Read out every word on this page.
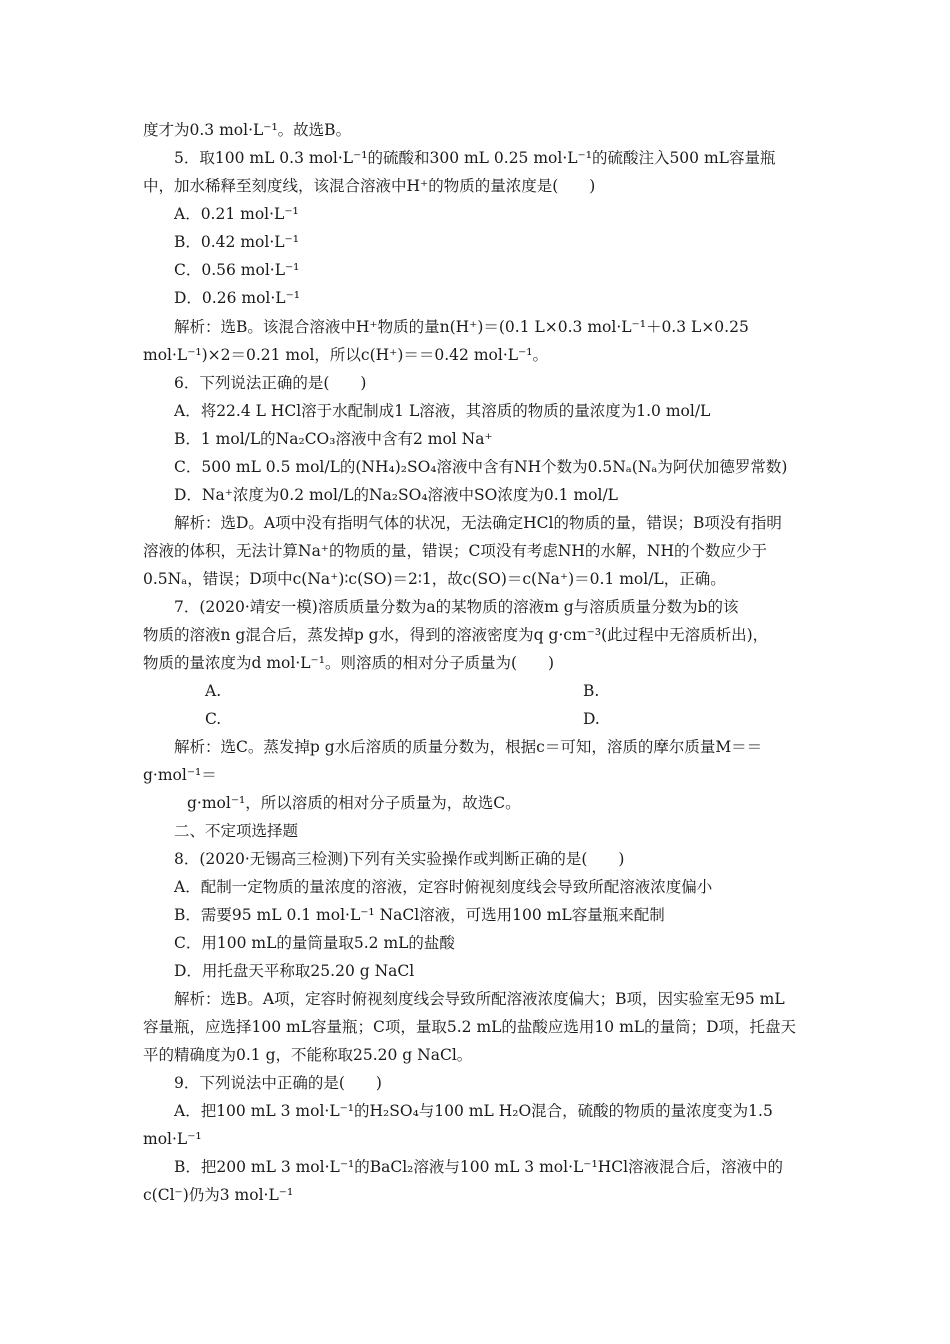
度才为0.3 mol·L⁻¹。故选B。
5．取100 mL 0.3 mol·L⁻¹的硫酸和300 mL 0.25 mol·L⁻¹的硫酸注入500 mL容量瓶
中，加水稀释至刻度线，该混合溶液中H⁺的物质的量浓度是(　　)
A．0.21 mol·L⁻¹
B．0.42 mol·L⁻¹
C．0.56 mol·L⁻¹
D．0.26 mol·L⁻¹
解析：选B。该混合溶液中H⁺物质的量n(H⁺)＝(0.1 L×0.3 mol·L⁻¹＋0.3 L×0.25
mol·L⁻¹)×2＝0.21 mol，所以c(H⁺)＝＝0.42 mol·L⁻¹。
6．下列说法正确的是(　　)
A．将22.4 L HCl溶于水配制成1 L溶液，其溶质的物质的量浓度为1.0 mol/L
B．1 mol/L的Na₂CO₃溶液中含有2 mol Na⁺
C．500 mL 0.5 mol/L的(NH₄)₂SO₄溶液中含有NH个数为0.5Nₐ(Nₐ为阿伏加德罗常数)
D．Na⁺浓度为0.2 mol/L的Na₂SO₄溶液中SO浓度为0.1 mol/L
解析：选D。A项中没有指明气体的状况，无法确定HCl的物质的量，错误；B项没有指明
溶液的体积，无法计算Na⁺的物质的量，错误；C项没有考虑NH的水解，NH的个数应少于
0.5Nₐ，错误；D项中c(Na⁺)∶c(SO)＝2∶1，故c(SO)＝c(Na⁺)＝0.1 mol/L，正确。
7．(2020·靖安一模)溶质质量分数为a的某物质的溶液m g与溶质质量分数为b的该
物质的溶液n g混合后，蒸发掉p g水，得到的溶液密度为q g·cm⁻³(此过程中无溶质析出)，
物质的量浓度为d mol·L⁻¹。则溶质的相对分子质量为(　　)
A.	B.
C.	D.
解析：选C。蒸发掉p g水后溶质的质量分数为，根据c＝可知，溶质的摩尔质量M＝＝
g·mol⁻¹＝
g·mol⁻¹，所以溶质的相对分子质量为，故选C。
二、不定项选择题
8．(2020·无锡高三检测)下列有关实验操作或判断正确的是(　　)
A．配制一定物质的量浓度的溶液，定容时俯视刻度线会导致所配溶液浓度偏小
B．需要95 mL 0.1 mol·L⁻¹ NaCl溶液，可选用100 mL容量瓶来配制
C．用100 mL的量筒量取5.2 mL的盐酸
D．用托盘天平称取25.20 g NaCl
解析：选B。A项，定容时俯视刻度线会导致所配溶液浓度偏大；B项，因实验室无95 mL
容量瓶，应选择100 mL容量瓶；C项，量取5.2 mL的盐酸应选用10 mL的量筒；D项，托盘天
平的精确度为0.1 g，不能称取25.20 g NaCl。
9．下列说法中正确的是(　　)
A．把100 mL 3 mol·L⁻¹的H₂SO₄与100 mL H₂O混合，硫酸的物质的量浓度变为1.5
mol·L⁻¹
B．把200 mL 3 mol·L⁻¹的BaCl₂溶液与100 mL 3 mol·L⁻¹HCl溶液混合后，溶液中的
c(Cl⁻)仍为3 mol·L⁻¹
